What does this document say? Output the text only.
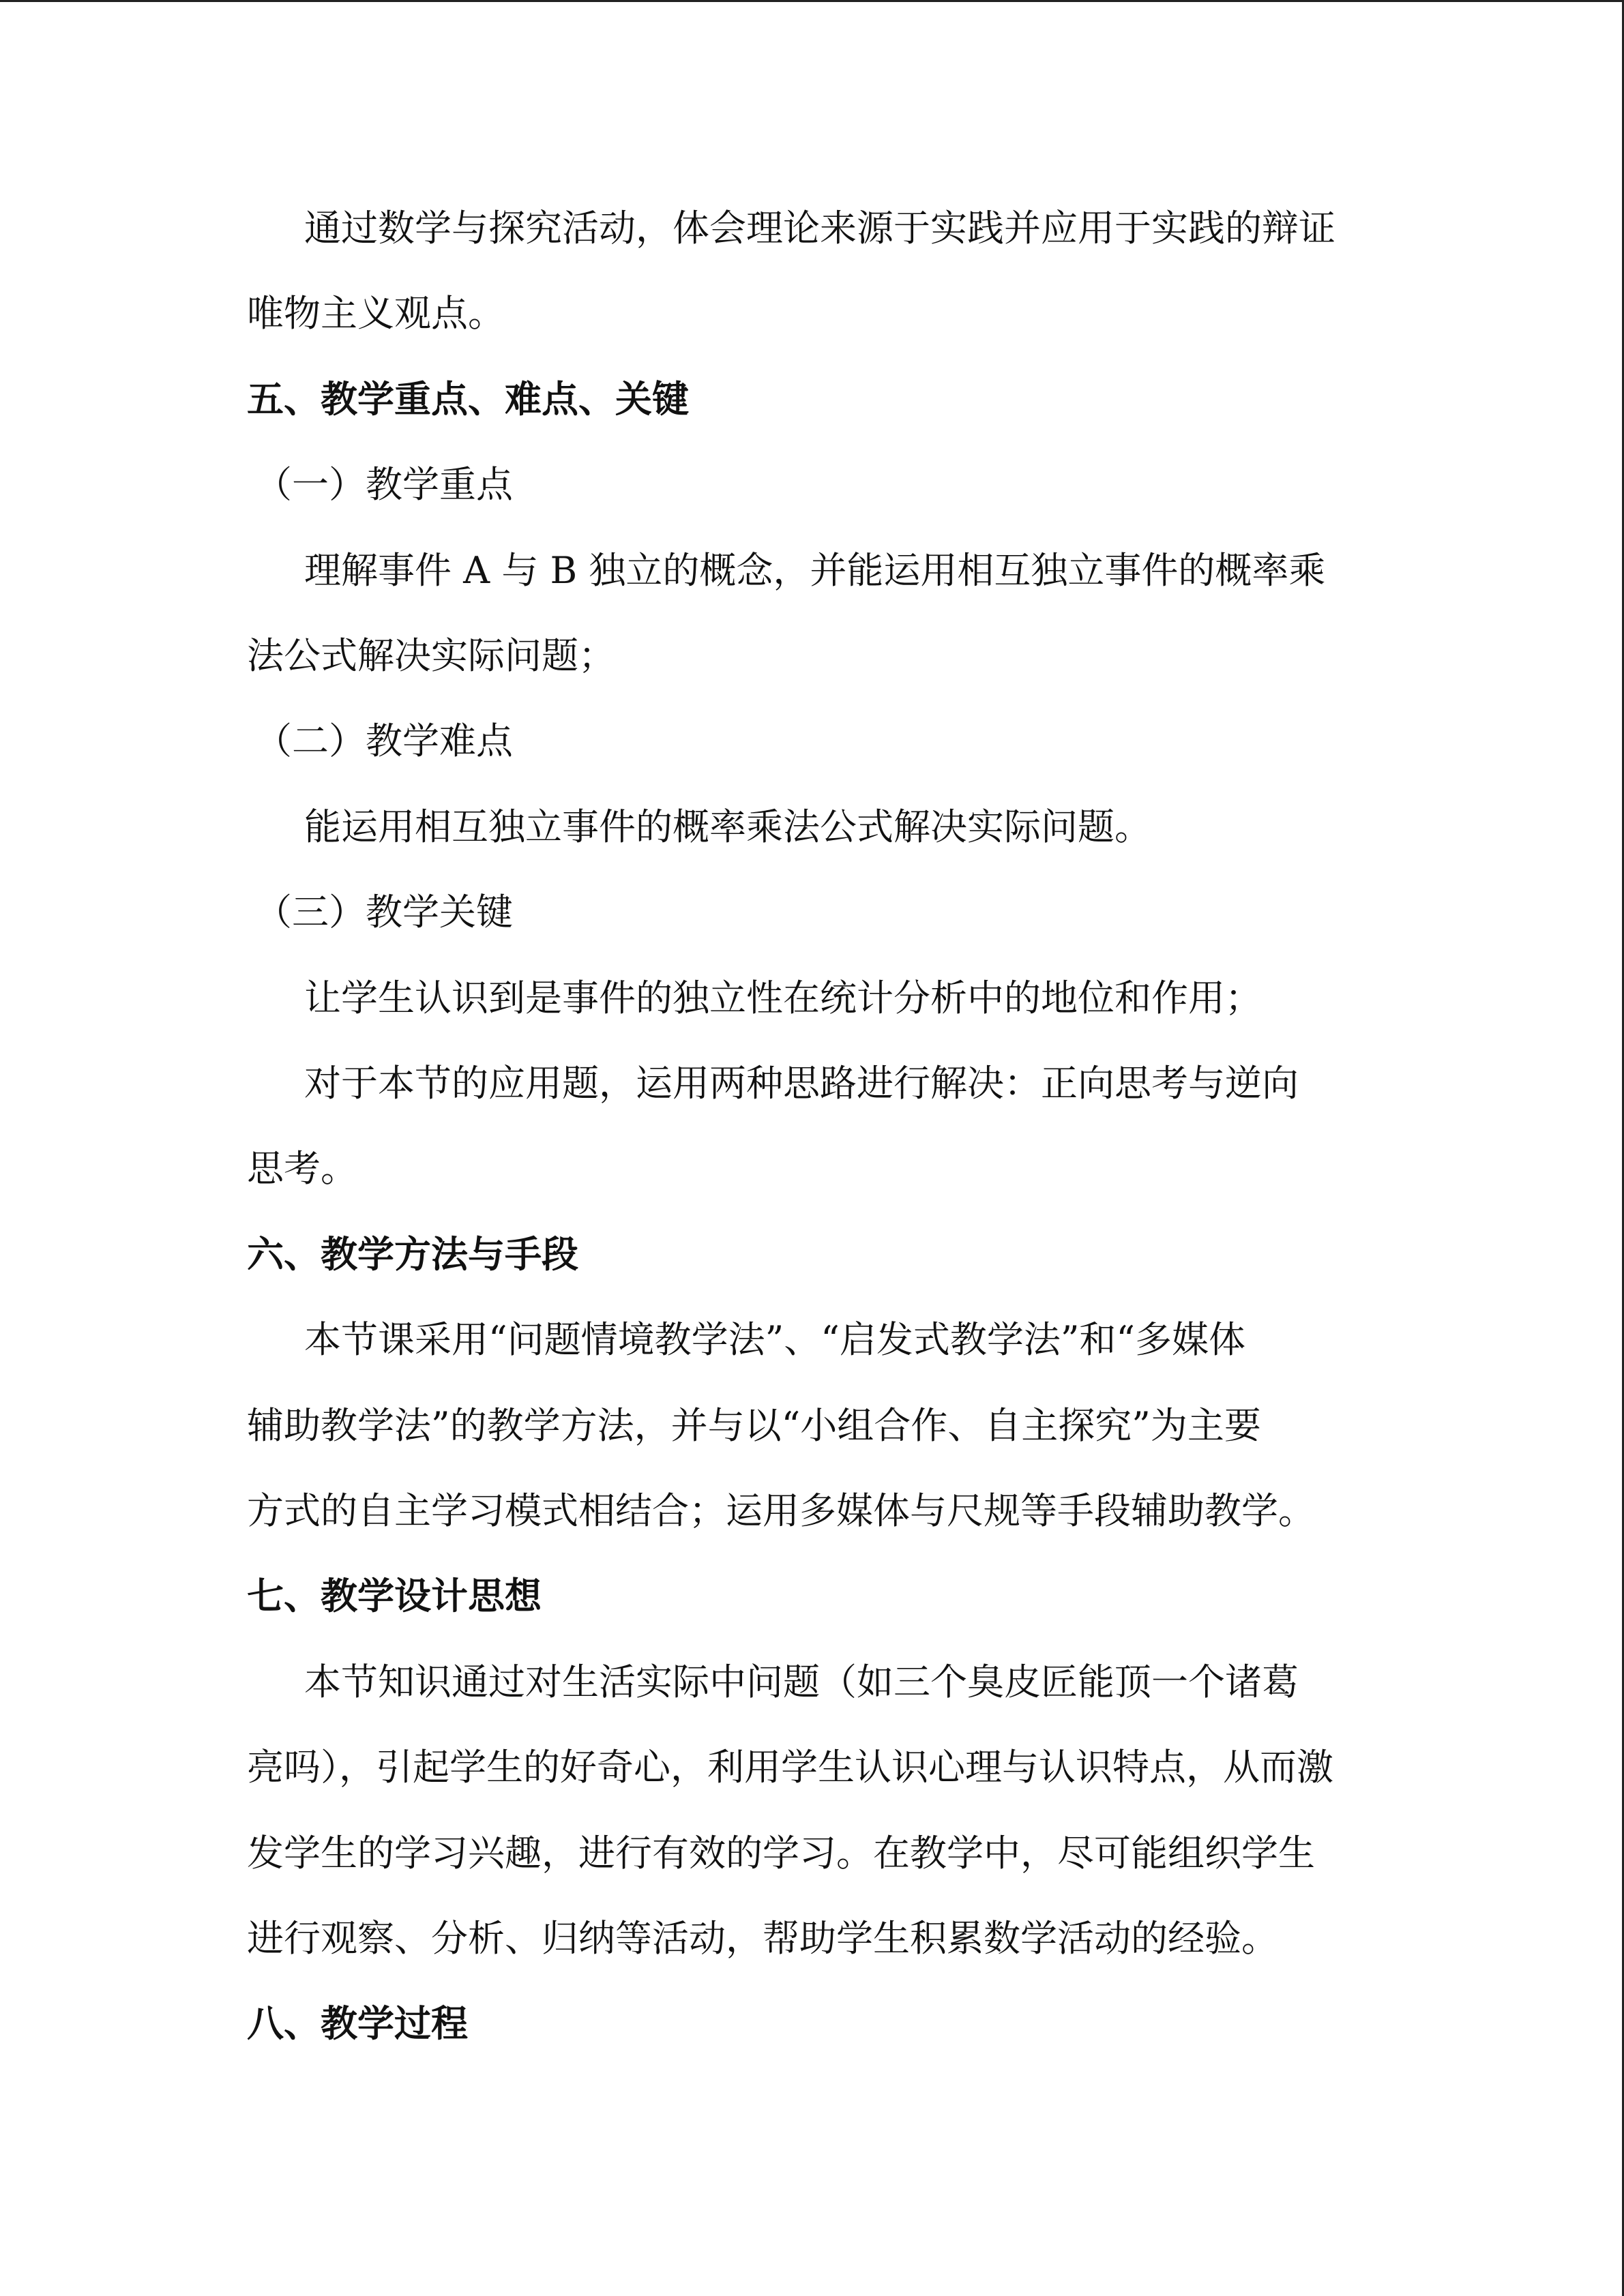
通过数学与探究活动，体会理论来源于实践并应用于实践的辩证
唯物主义观点。
五、教学重点、难点、关键
（一）教学重点
理解事件 A 与 B 独立的概念，并能运用相互独立事件的概率乘
法公式解决实际问题；
（二）教学难点
能运用相互独立事件的概率乘法公式解决实际问题。
（三）教学关键
让学生认识到是事件的独立性在统计分析中的地位和作用；
对于本节的应用题，运用两种思路进行解决：正向思考与逆向
思考。
六、教学方法与手段
本节课采用“问题情境教学法”、“启发式教学法”和“多媒体
辅助教学法”的教学方法，并与以“小组合作、自主探究”为主要
方式的自主学习模式相结合；运用多媒体与尺规等手段辅助教学。
七、教学设计思想
本节知识通过对生活实际中问题（如三个臭皮匠能顶一个诸葛
亮吗），引起学生的好奇心，利用学生认识心理与认识特点，从而激
发学生的学习兴趣，进行有效的学习。在教学中，尽可能组织学生
进行观察、分析、归纳等活动，帮助学生积累数学活动的经验。
八、教学过程
